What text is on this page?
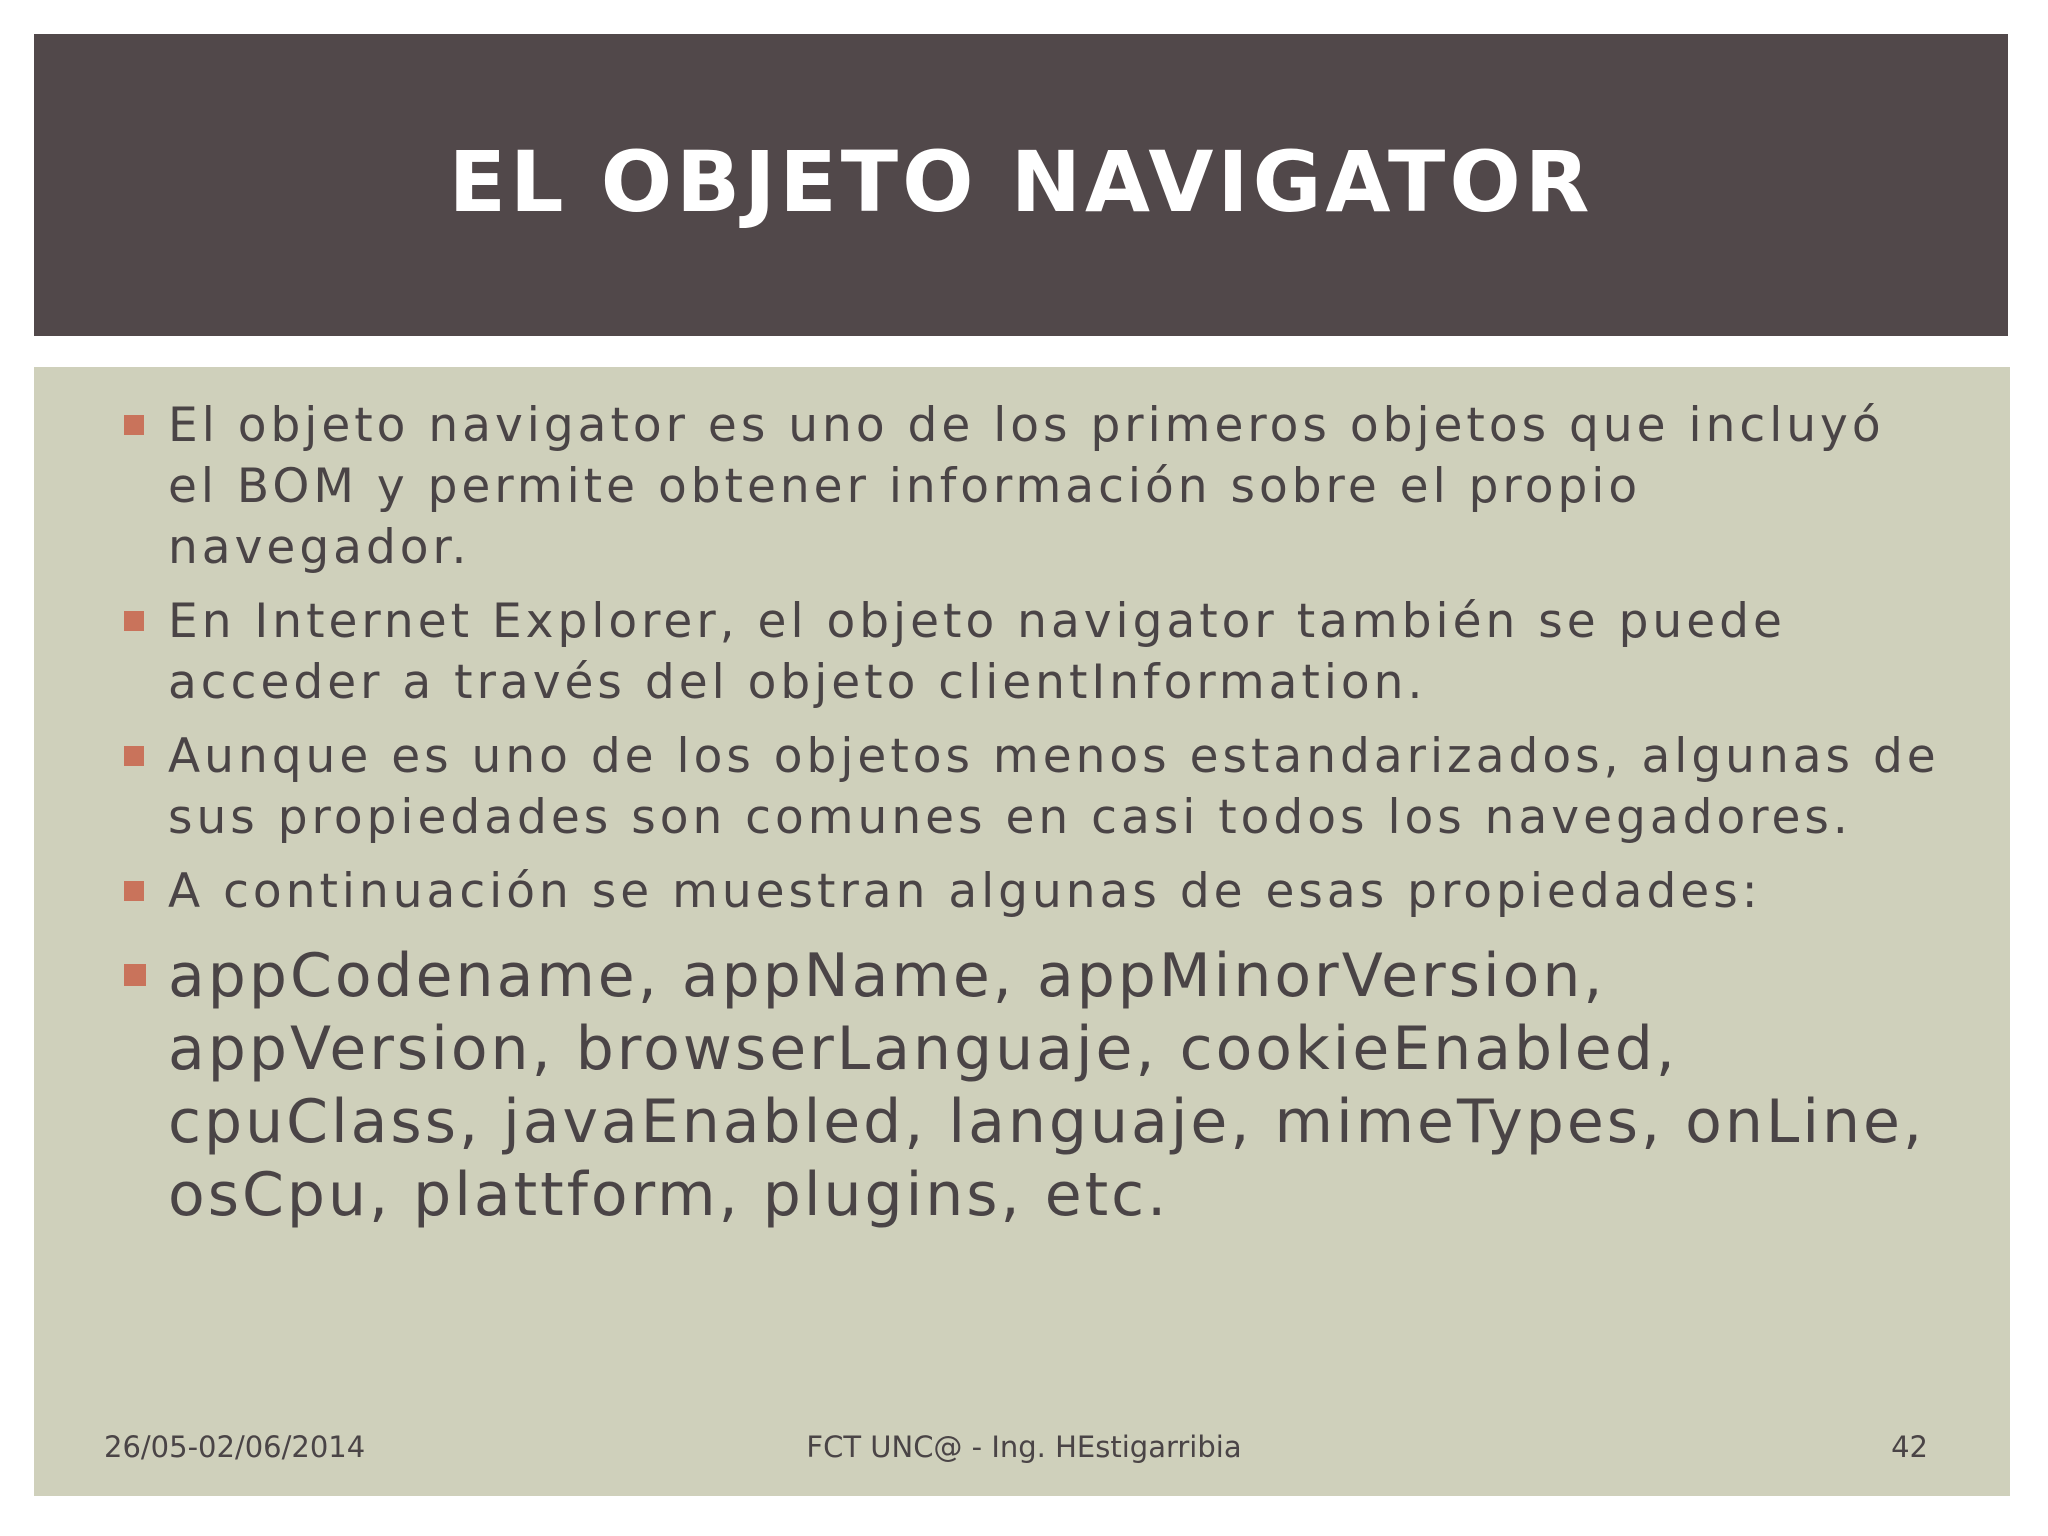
EL OBJETO NAVIGATOR
El objeto navigator es uno de los primeros objetos que incluyó el BOM y permite obtener información sobre el propio navegador.
En Internet Explorer, el objeto navigator también se puede acceder a través del objeto clientInformation.
Aunque es uno de los objetos menos estandarizados, algunas de sus propiedades son comunes en casi todos los navegadores.
A continuación se muestran algunas de esas propiedades:
appCodename, appName, appMinorVersion, appVersion, browserLanguaje, cookieEnabled, cpuClass, javaEnabled, languaje, mimeTypes, onLine, osCpu, plattform, plugins, etc.
26/05-02/06/2014	FCT UNC@ - Ing. HEstigarribia	42
